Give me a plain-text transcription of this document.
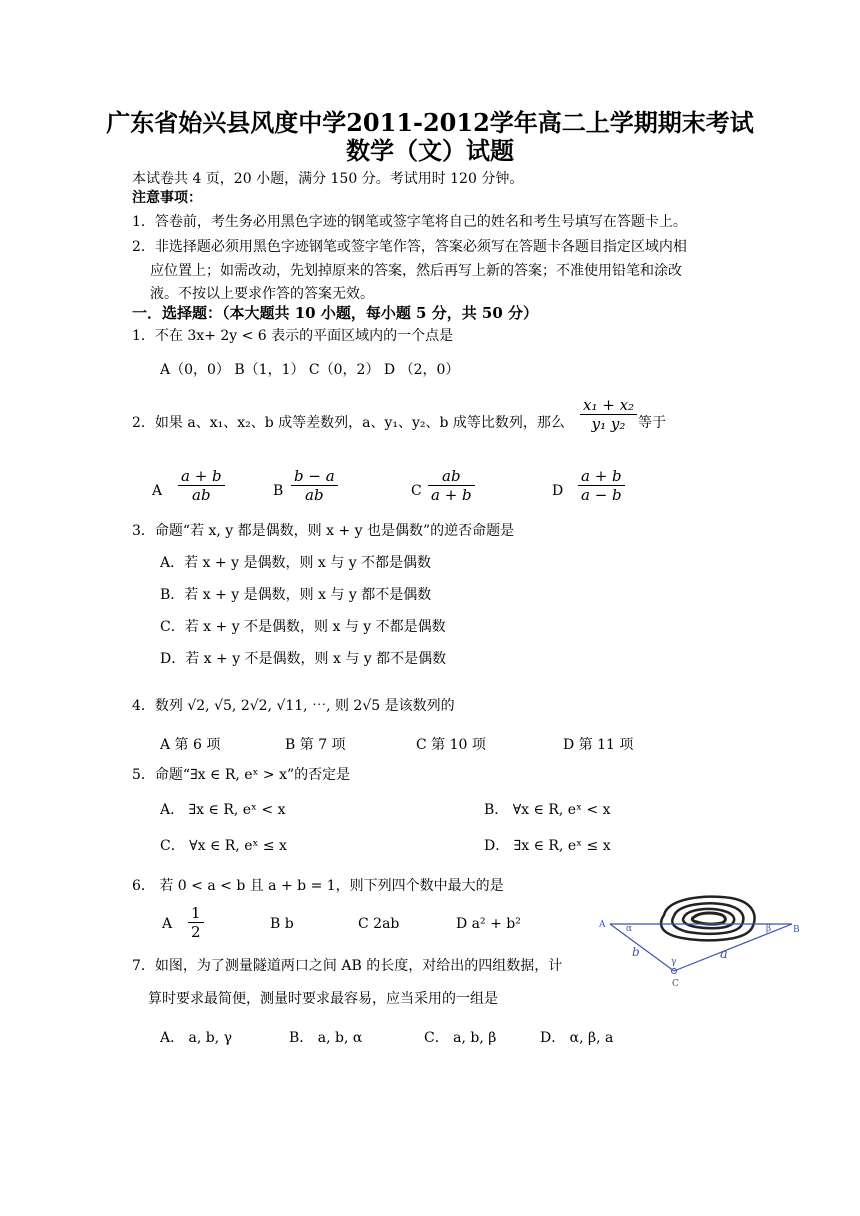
广东省始兴县风度中学2011-2012学年高二上学期期末考试
数学（文）试题
本试卷共 4 页，20 小题，满分 150 分。考试用时 120 分钟。
注意事项：
1．答卷前，考生务必用黑色字迹的钢笔或签字笔将自己的姓名和考生号填写在答题卡上。
2．非选择题必须用黑色字迹钢笔或签字笔作答，答案必须写在答题卡各题目指定区域内相
应位置上；如需改动，先划掉原来的答案，然后再写上新的答案；不准使用铅笔和涂改
液。不按以上要求作答的答案无效。
一．选择题：（本大题共 10 小题，每小题 5 分，共 50 分）
1．不在 3x+ 2y < 6 表示的平面区域内的一个点是
A（0，0） B（1，1） C（0，2） D （2，0）
2．如果 a、x₁、x₂、b 成等差数列，a、y₁、y₂、b 成等比数列，那么 $\frac{\text{x₁ + x₂}}{\text{y₁ y₂}}$ 等于
A $\frac{a + b}{ab}$	B $\frac{b - a}{ab}$	C $\frac{ab}{a + b}$	D $\frac{a + b}{a - b}$
3．命题“若 x, y 都是偶数，则 x + y 也是偶数”的逆否命题是
A．若 x + y 是偶数，则 x 与 y 不都是偶数
B．若 x + y 是偶数，则 x 与 y 都不是偶数
C．若 x + y 不是偶数，则 x 与 y 不都是偶数
D．若 x + y 不是偶数，则 x 与 y 都不是偶数
4．数列 √2, √5, 2√2, √11, ⋯, 则 2√5 是该数列的
A 第 6 项	B 第 7 项	C 第 10 项	D 第 11 项
5．命题“∃x ∈ R, eˣ > x”的否定是
A． ∃x ∈ R, eˣ < x	B． ∀x ∈ R, eˣ < x
C． ∀x ∈ R, eˣ ≤ x	D． ∃x ∈ R, eˣ ≤ x
6． 若 0 < a < b 且 a + b = 1，则下列四个数中最大的是
A $\frac{1}{2}$	B b	C 2ab	D a² + b²
7．如图，为了测量隧道两口之间 AB 的长度，对给出的四组数据，计
算时要求最简便，测量时要求最容易，应当采用的一组是
A． a, b, γ	B． a, b, α	C． a, b, β	D． α, β, a
A	B
C
α	β
γ
b	a
